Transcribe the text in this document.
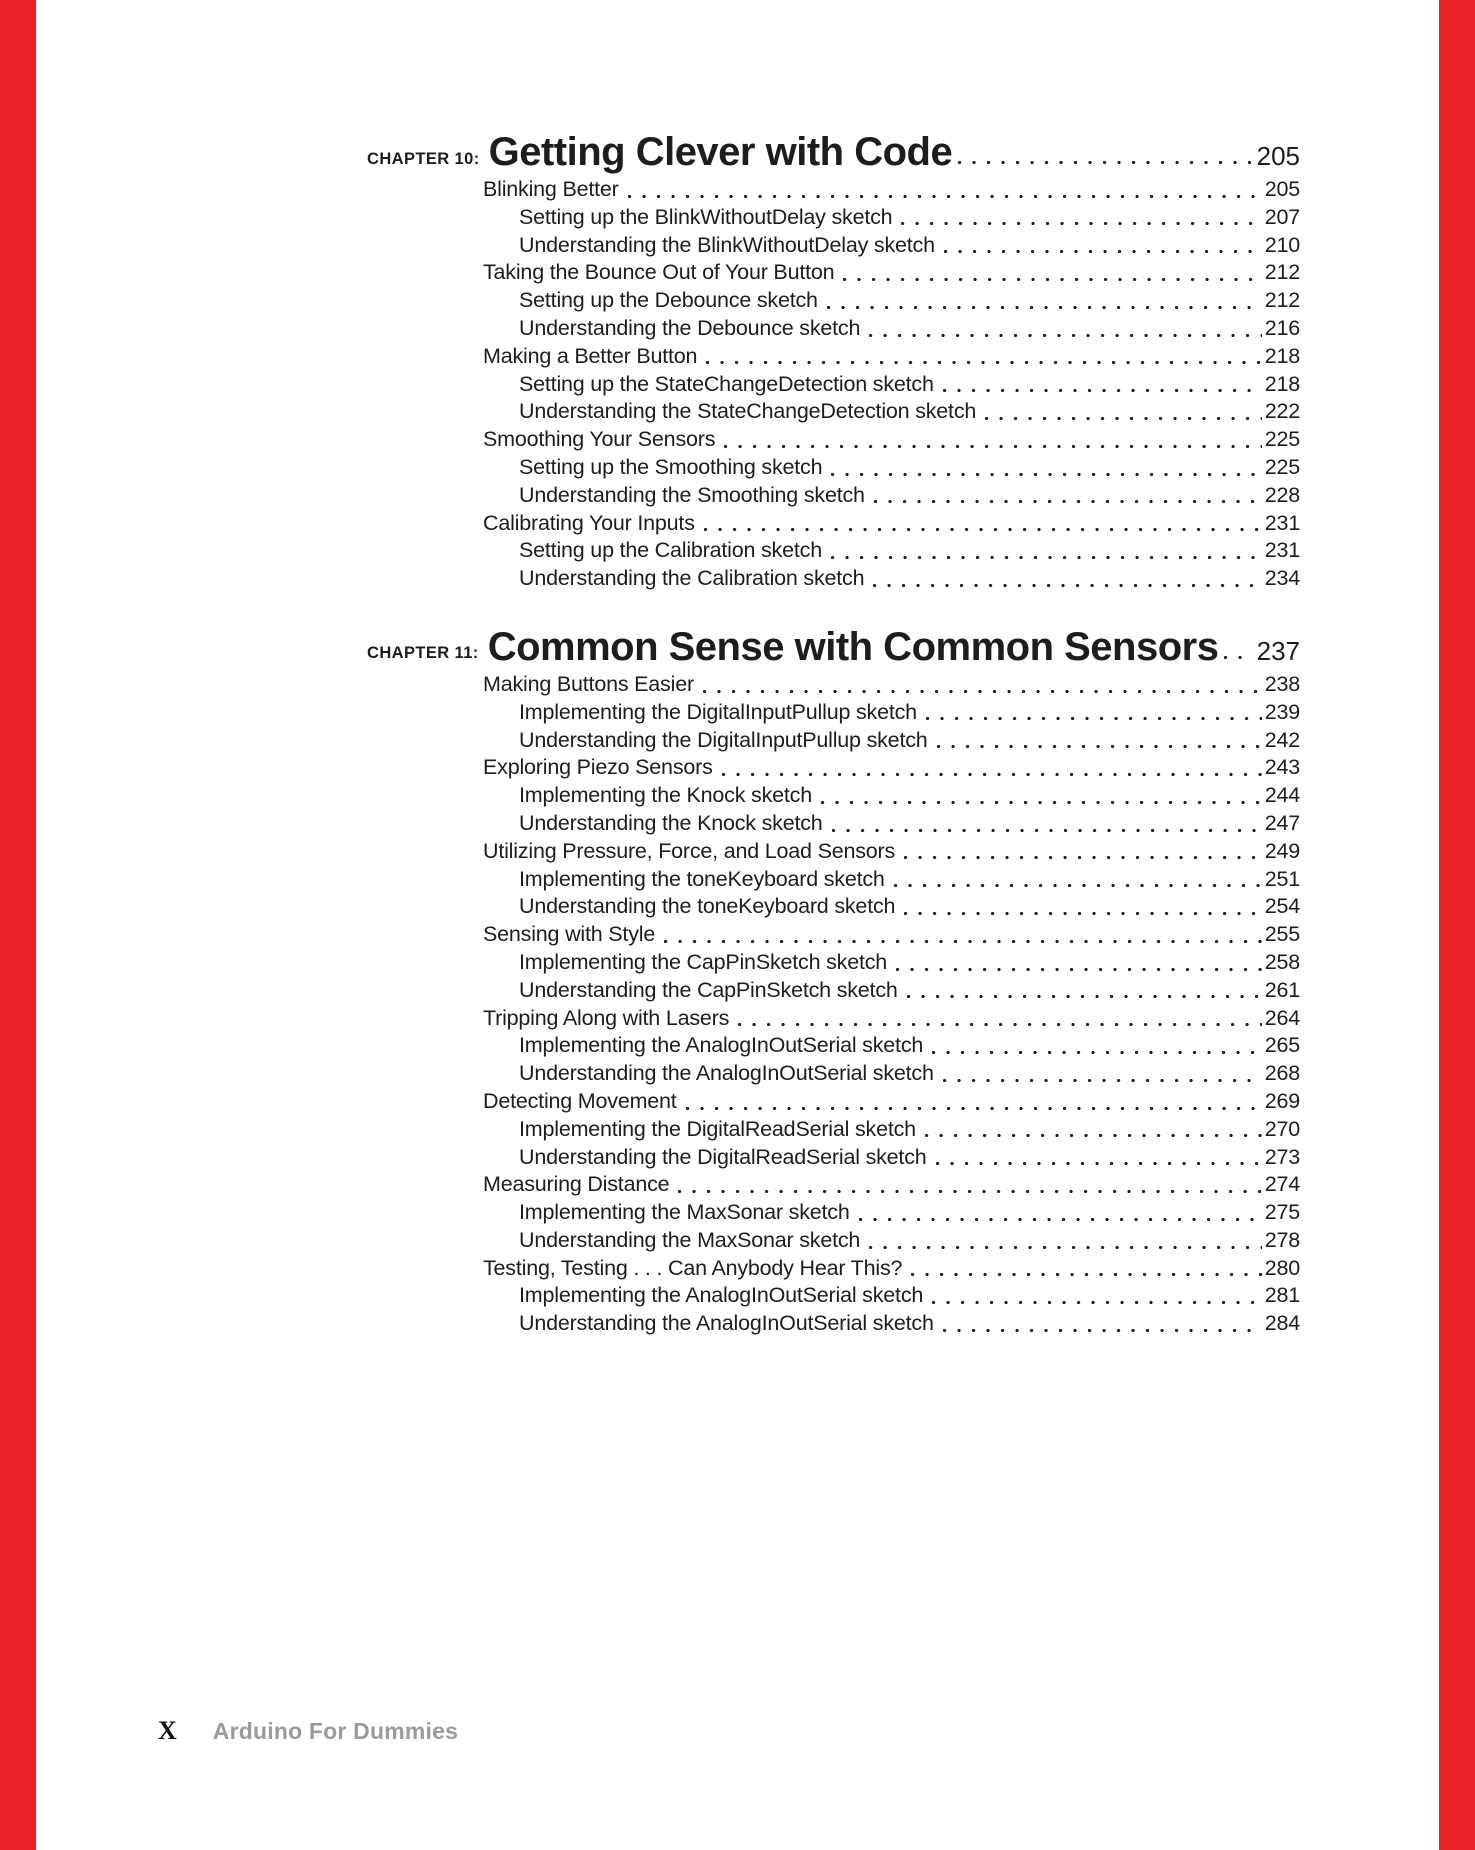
CHAPTER 10: Getting Clever with Code	205
Blinking Better	205
Setting up the BlinkWithoutDelay sketch	207
Understanding the BlinkWithoutDelay sketch	210
Taking the Bounce Out of Your Button	212
Setting up the Debounce sketch	212
Understanding the Debounce sketch	216
Making a Better Button	218
Setting up the StateChangeDetection sketch	218
Understanding the StateChangeDetection sketch	222
Smoothing Your Sensors	225
Setting up the Smoothing sketch	225
Understanding the Smoothing sketch	228
Calibrating Your Inputs	231
Setting up the Calibration sketch	231
Understanding the Calibration sketch	234
CHAPTER 11: Common Sense with Common Sensors 237
Making Buttons Easier	238
Implementing the DigitalInputPullup sketch	239
Understanding the DigitalInputPullup sketch	242
Exploring Piezo Sensors	243
Implementing the Knock sketch	244
Understanding the Knock sketch	247
Utilizing Pressure, Force, and Load Sensors	249
Implementing the toneKeyboard sketch	251
Understanding the toneKeyboard sketch	254
Sensing with Style	255
Implementing the CapPinSketch sketch	258
Understanding the CapPinSketch sketch	261
Tripping Along with Lasers	264
Implementing the AnalogInOutSerial sketch	265
Understanding the AnalogInOutSerial sketch	268
Detecting Movement	269
Implementing the DigitalReadSerial sketch	270
Understanding the DigitalReadSerial sketch	273
Measuring Distance	274
Implementing the MaxSonar sketch	275
Understanding the MaxSonar sketch	278
Testing, Testing . . . Can Anybody Hear This?	280
Implementing the AnalogInOutSerial sketch	281
Understanding the AnalogInOutSerial sketch	284
X Arduino For Dummies
